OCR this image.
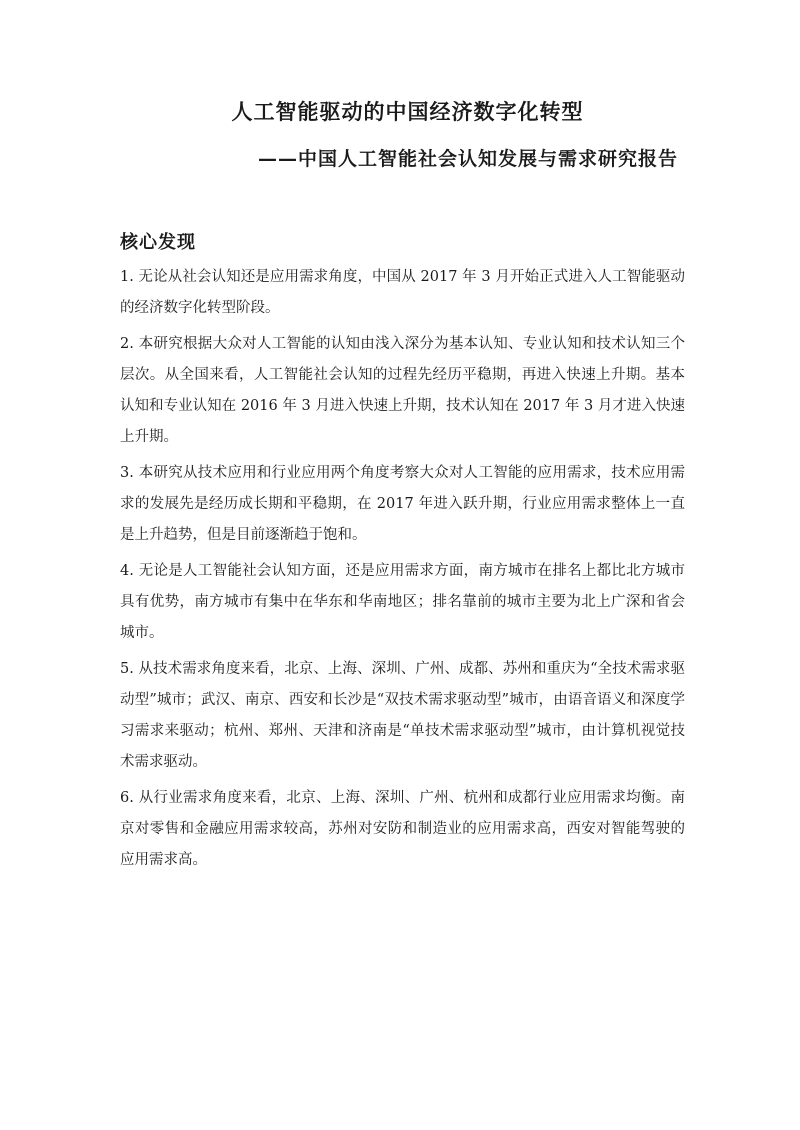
人工智能驱动的中国经济数字化转型
——中国人工智能社会认知发展与需求研究报告
核心发现

1. 无论从社会认知还是应用需求角度，中国从 2017 年 3 月开始正式进入人工智能驱动的经济数字化转型阶段。

2. 本研究根据大众对人工智能的认知由浅入深分为基本认知、专业认知和技术认知三个层次。从全国来看，人工智能社会认知的过程先经历平稳期，再进入快速上升期。基本认知和专业认知在 2016 年 3 月进入快速上升期，技术认知在 2017 年 3 月才进入快速上升期。

3. 本研究从技术应用和行业应用两个角度考察大众对人工智能的应用需求，技术应用需求的发展先是经历成长期和平稳期，在 2017 年进入跃升期，行业应用需求整体上一直是上升趋势，但是目前逐渐趋于饱和。

4. 无论是人工智能社会认知方面，还是应用需求方面，南方城市在排名上都比北方城市具有优势，南方城市有集中在华东和华南地区；排名靠前的城市主要为北上广深和省会城市。

5. 从技术需求角度来看，北京、上海、深圳、广州、成都、苏州和重庆为“全技术需求驱动型”城市；武汉、南京、西安和长沙是“双技术需求驱动型”城市，由语音语义和深度学习需求来驱动；杭州、郑州、天津和济南是“单技术需求驱动型”城市，由计算机视觉技术需求驱动。

6. 从行业需求角度来看，北京、上海、深圳、广州、杭州和成都行业应用需求均衡。南京对零售和金融应用需求较高，苏州对安防和制造业的应用需求高，西安对智能驾驶的应用需求高。
